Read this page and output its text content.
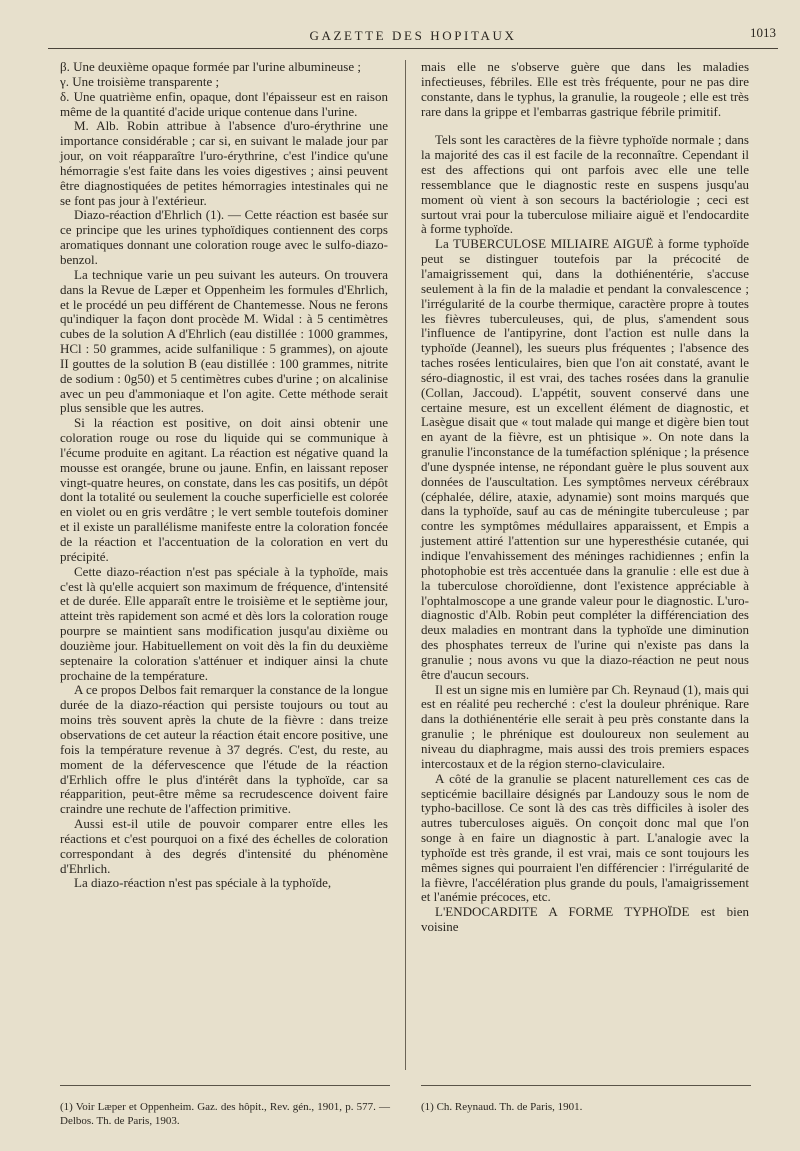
GAZETTE DES HOPITAUX	1013

β. Une deuxième opaque formée par l'urine albumineuse ;

γ. Une troisième transparente ;

δ. Une quatrième enfin, opaque, dont l'épaisseur est en raison même de la quantité d'acide urique contenue dans l'urine.

M. Alb. Robin attribue à l'absence d'uro-érythrine une importance considérable ; car si, en suivant le malade jour par jour, on voit réapparaître l'uro-érythrine, c'est l'indice qu'une hémorragie s'est faite dans les voies digestives ; ainsi peuvent être diagnostiquées de petites hémorragies intestinales qui ne se font pas jour à l'extérieur.

Diazo-réaction d'Ehrlich (1). — Cette réaction est basée sur ce principe que les urines typhoïdiques contiennent des corps aromatiques donnant une coloration rouge avec le sulfo-diazo-benzol.

La technique varie un peu suivant les auteurs. On trouvera dans la Revue de Læper et Oppenheim les formules d'Ehrlich, et le procédé un peu différent de Chantemesse. Nous ne ferons qu'indiquer la façon dont procède M. Widal : à 5 centimètres cubes de la solution A d'Ehrlich (eau distillée : 1000 grammes, HCl : 50 grammes, acide sulfanilique : 5 grammes), on ajoute II gouttes de la solution B (eau distillée : 100 grammes, nitrite de sodium : 0g50) et 5 centimètres cubes d'urine ; on alcalinise avec un peu d'ammoniaque et l'on agite. Cette méthode serait plus sensible que les autres.

Si la réaction est positive, on doit ainsi obtenir une coloration rouge ou rose du liquide qui se communique à l'écume produite en agitant. La réaction est négative quand la mousse est orangée, brune ou jaune. Enfin, en laissant reposer vingt-quatre heures, on constate, dans les cas positifs, un dépôt dont la totalité ou seulement la couche superficielle est colorée en violet ou en gris verdâtre ; le vert semble toutefois dominer et il existe un parallélisme manifeste entre la coloration foncée de la réaction et l'accentuation de la coloration en vert du précipité.

Cette diazo-réaction n'est pas spéciale à la typhoïde, mais c'est là qu'elle acquiert son maximum de fréquence, d'intensité et de durée. Elle apparaît entre le troisième et le septième jour, atteint très rapidement son acmé et dès lors la coloration rouge pourpre se maintient sans modification jusqu'au dixième ou douzième jour. Habituellement on voit dès la fin du deuxième septenaire la coloration s'atténuer et indiquer ainsi la chute prochaine de la température.

A ce propos Delbos fait remarquer la constance de la longue durée de la diazo-réaction qui persiste toujours ou tout au moins très souvent après la chute de la fièvre : dans treize observations de cet auteur la réaction était encore positive, une fois la température revenue à 37 degrés. C'est, du reste, au moment de la défervescence que l'étude de la réaction d'Erhlich offre le plus d'intérêt dans la typhoïde, car sa réapparition, peut-être même sa recrudescence doivent faire craindre une rechute de l'affection primitive.

Aussi est-il utile de pouvoir comparer entre elles les réactions et c'est pourquoi on a fixé des échelles de coloration correspondant à des degrés d'intensité du phénomène d'Ehrlich.

La diazo-réaction n'est pas spéciale à la typhoïde,

mais elle ne s'observe guère que dans les maladies infectieuses, fébriles. Elle est très fréquente, pour ne pas dire constante, dans le typhus, la granulie, la rougeole ; elle est très rare dans la grippe et l'embarras gastrique fébrile primitif.

Tels sont les caractères de la fièvre typhoïde normale ; dans la majorité des cas il est facile de la reconnaître. Cependant il est des affections qui ont parfois avec elle une telle ressemblance que le diagnostic reste en suspens jusqu'au moment où vient à son secours la bactériologie ; ceci est surtout vrai pour la tuberculose miliaire aiguë et l'endocardite à forme typhoïde.

La TUBERCULOSE MILIAIRE AIGUË à forme typhoïde peut se distinguer toutefois par la précocité de l'amaigrissement qui, dans la dothiénentérie, s'accuse seulement à la fin de la maladie et pendant la convalescence ; l'irrégularité de la courbe thermique, caractère propre à toutes les fièvres tuberculeuses, qui, de plus, s'amendent sous l'influence de l'antipyrine, dont l'action est nulle dans la typhoïde (Jeannel), les sueurs plus fréquentes ; l'absence des taches rosées lenticulaires, bien que l'on ait constaté, avant le séro-diagnostic, il est vrai, des taches rosées dans la granulie (Collan, Jaccoud). L'appétit, souvent conservé dans une certaine mesure, est un excellent élément de diagnostic, et Lasègue disait que « tout malade qui mange et digère bien tout en ayant de la fièvre, est un phtisique ». On note dans la granulie l'inconstance de la tuméfaction splénique ; la présence d'une dyspnée intense, ne répondant guère le plus souvent aux données de l'auscultation. Les symptômes nerveux cérébraux (céphalée, délire, ataxie, adynamie) sont moins marqués que dans la typhoïde, sauf au cas de méningite tuberculeuse ; par contre les symptômes médullaires apparaissent, et Empis a justement attiré l'attention sur une hyperesthésie cutanée, qui indique l'envahissement des méninges rachidiennes ; enfin la photophobie est très accentuée dans la granulie : elle est due à la tuberculose choroïdienne, dont l'existence appréciable à l'ophtalmoscope a une grande valeur pour le diagnostic. L'uro-diagnostic d'Alb. Robin peut compléter la différenciation des deux maladies en montrant dans la typhoïde une diminution des phosphates terreux de l'urine qui n'existe pas dans la granulie ; nous avons vu que la diazo-réaction ne peut nous être d'aucun secours.

Il est un signe mis en lumière par Ch. Reynaud (1), mais qui est en réalité peu recherché : c'est la douleur phrénique. Rare dans la dothiénentérie elle serait à peu près constante dans la granulie ; le phrénique est douloureux non seulement au niveau du diaphragme, mais aussi des trois premiers espaces intercostaux et de la région sterno-claviculaire.

A côté de la granulie se placent naturellement ces cas de septicémie bacillaire désignés par Landouzy sous le nom de typho-bacillose. Ce sont là des cas très difficiles à isoler des autres tuberculoses aiguës. On conçoit donc mal que l'on songe à en faire un diagnostic à part. L'analogie avec la typhoïde est très grande, il est vrai, mais ce sont toujours les mêmes signes qui pourraient l'en différencier : l'irrégularité de la fièvre, l'accélération plus grande du pouls, l'amaigrissement et l'anémie précoces, etc.

L'ENDOCARDITE A FORME TYPHOÏDE est bien voisine

(1) Voir Læper et Oppenheim. Gaz. des hôpit., Rev. gén., 1901, p. 577. — Delbos. Th. de Paris, 1903.
(1) Ch. Reynaud. Th. de Paris, 1901.
